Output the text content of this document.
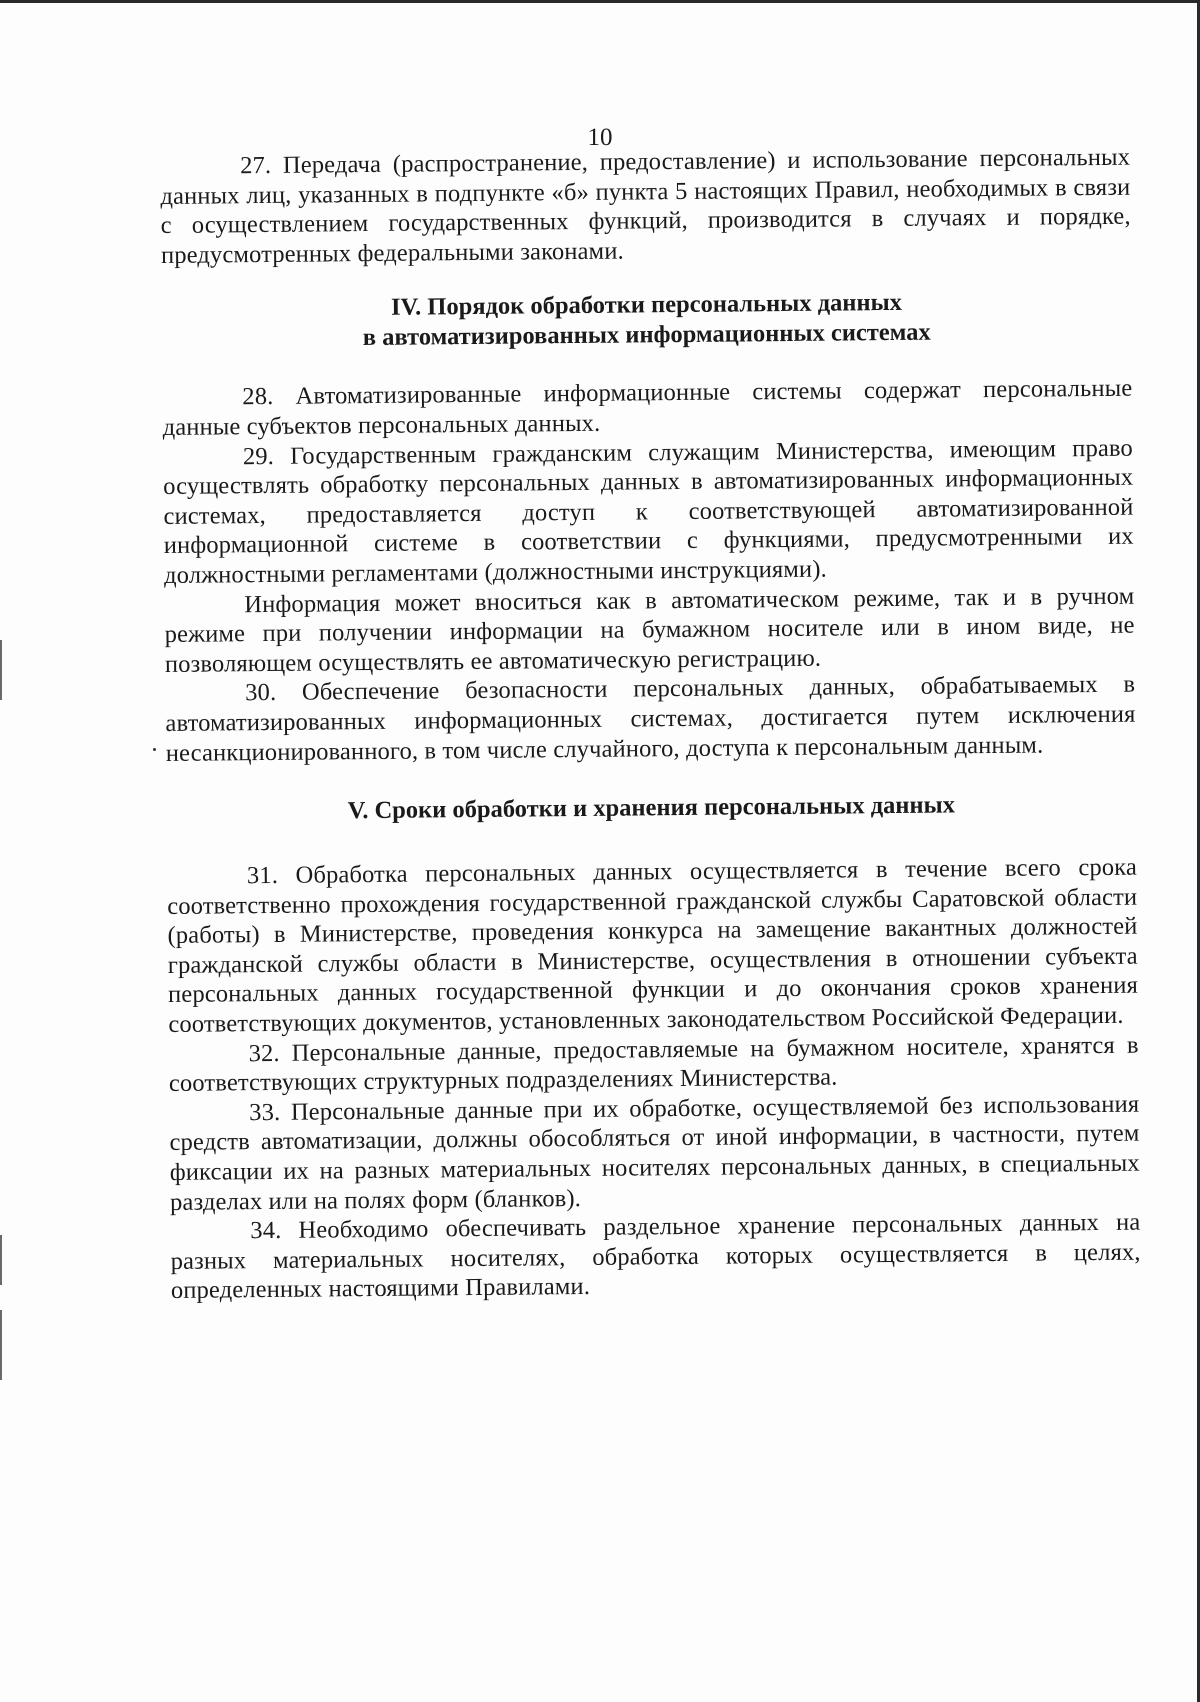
10

27. Передача (распространение, предоставление) и использование персональных данных лиц, указанных в подпункте «б» пункта 5 настоящих Правил, необходимых в связи с осуществлением государственных функций, производится в случаях и порядке, предусмотренных федеральными законами.

IV. Порядок обработки персональных данных

в автоматизированных информационных системах

28. Автоматизированные информационные системы содержат персональные данные субъектов персональных данных.

29. Государственным гражданским служащим Министерства, имеющим право осуществлять обработку персональных данных в автоматизированных информационных системах, предоставляется доступ к соответствующей автоматизированной информационной системе в соответствии с функциями, предусмотренными их должностными регламентами (должностными инструкциями).

Информация может вноситься как в автоматическом режиме, так и в ручном режиме при получении информации на бумажном носителе или в ином виде, не позволяющем осуществлять ее автоматическую регистрацию.

30. Обеспечение безопасности персональных данных, обрабатываемых в автоматизированных информационных системах, достигается путем исключения несанкционированного, в том числе случайного, доступа к персональным данным.

V. Сроки обработки и хранения персональных данных

31. Обработка персональных данных осуществляется в течение всего срока соответственно прохождения государственной гражданской службы Саратовской области (работы) в Министерстве, проведения конкурса на замещение вакантных должностей гражданской службы области в Министерстве, осуществления в отношении субъекта персональных данных государственной функции и до окончания сроков хранения соответствующих документов, установленных законодательством Российской Федерации.

32. Персональные данные, предоставляемые на бумажном носителе, хранятся в соответствующих структурных подразделениях Министерства.

33. Персональные данные при их обработке, осуществляемой без использования средств автоматизации, должны обособляться от иной информации, в частности, путем фиксации их на разных материальных носителях персональных данных, в специальных разделах или на полях форм (бланков).

34. Необходимо обеспечивать раздельное хранение персональных данных на разных материальных носителях, обработка которых осуществляется в целях, определенных настоящими Правилами.
